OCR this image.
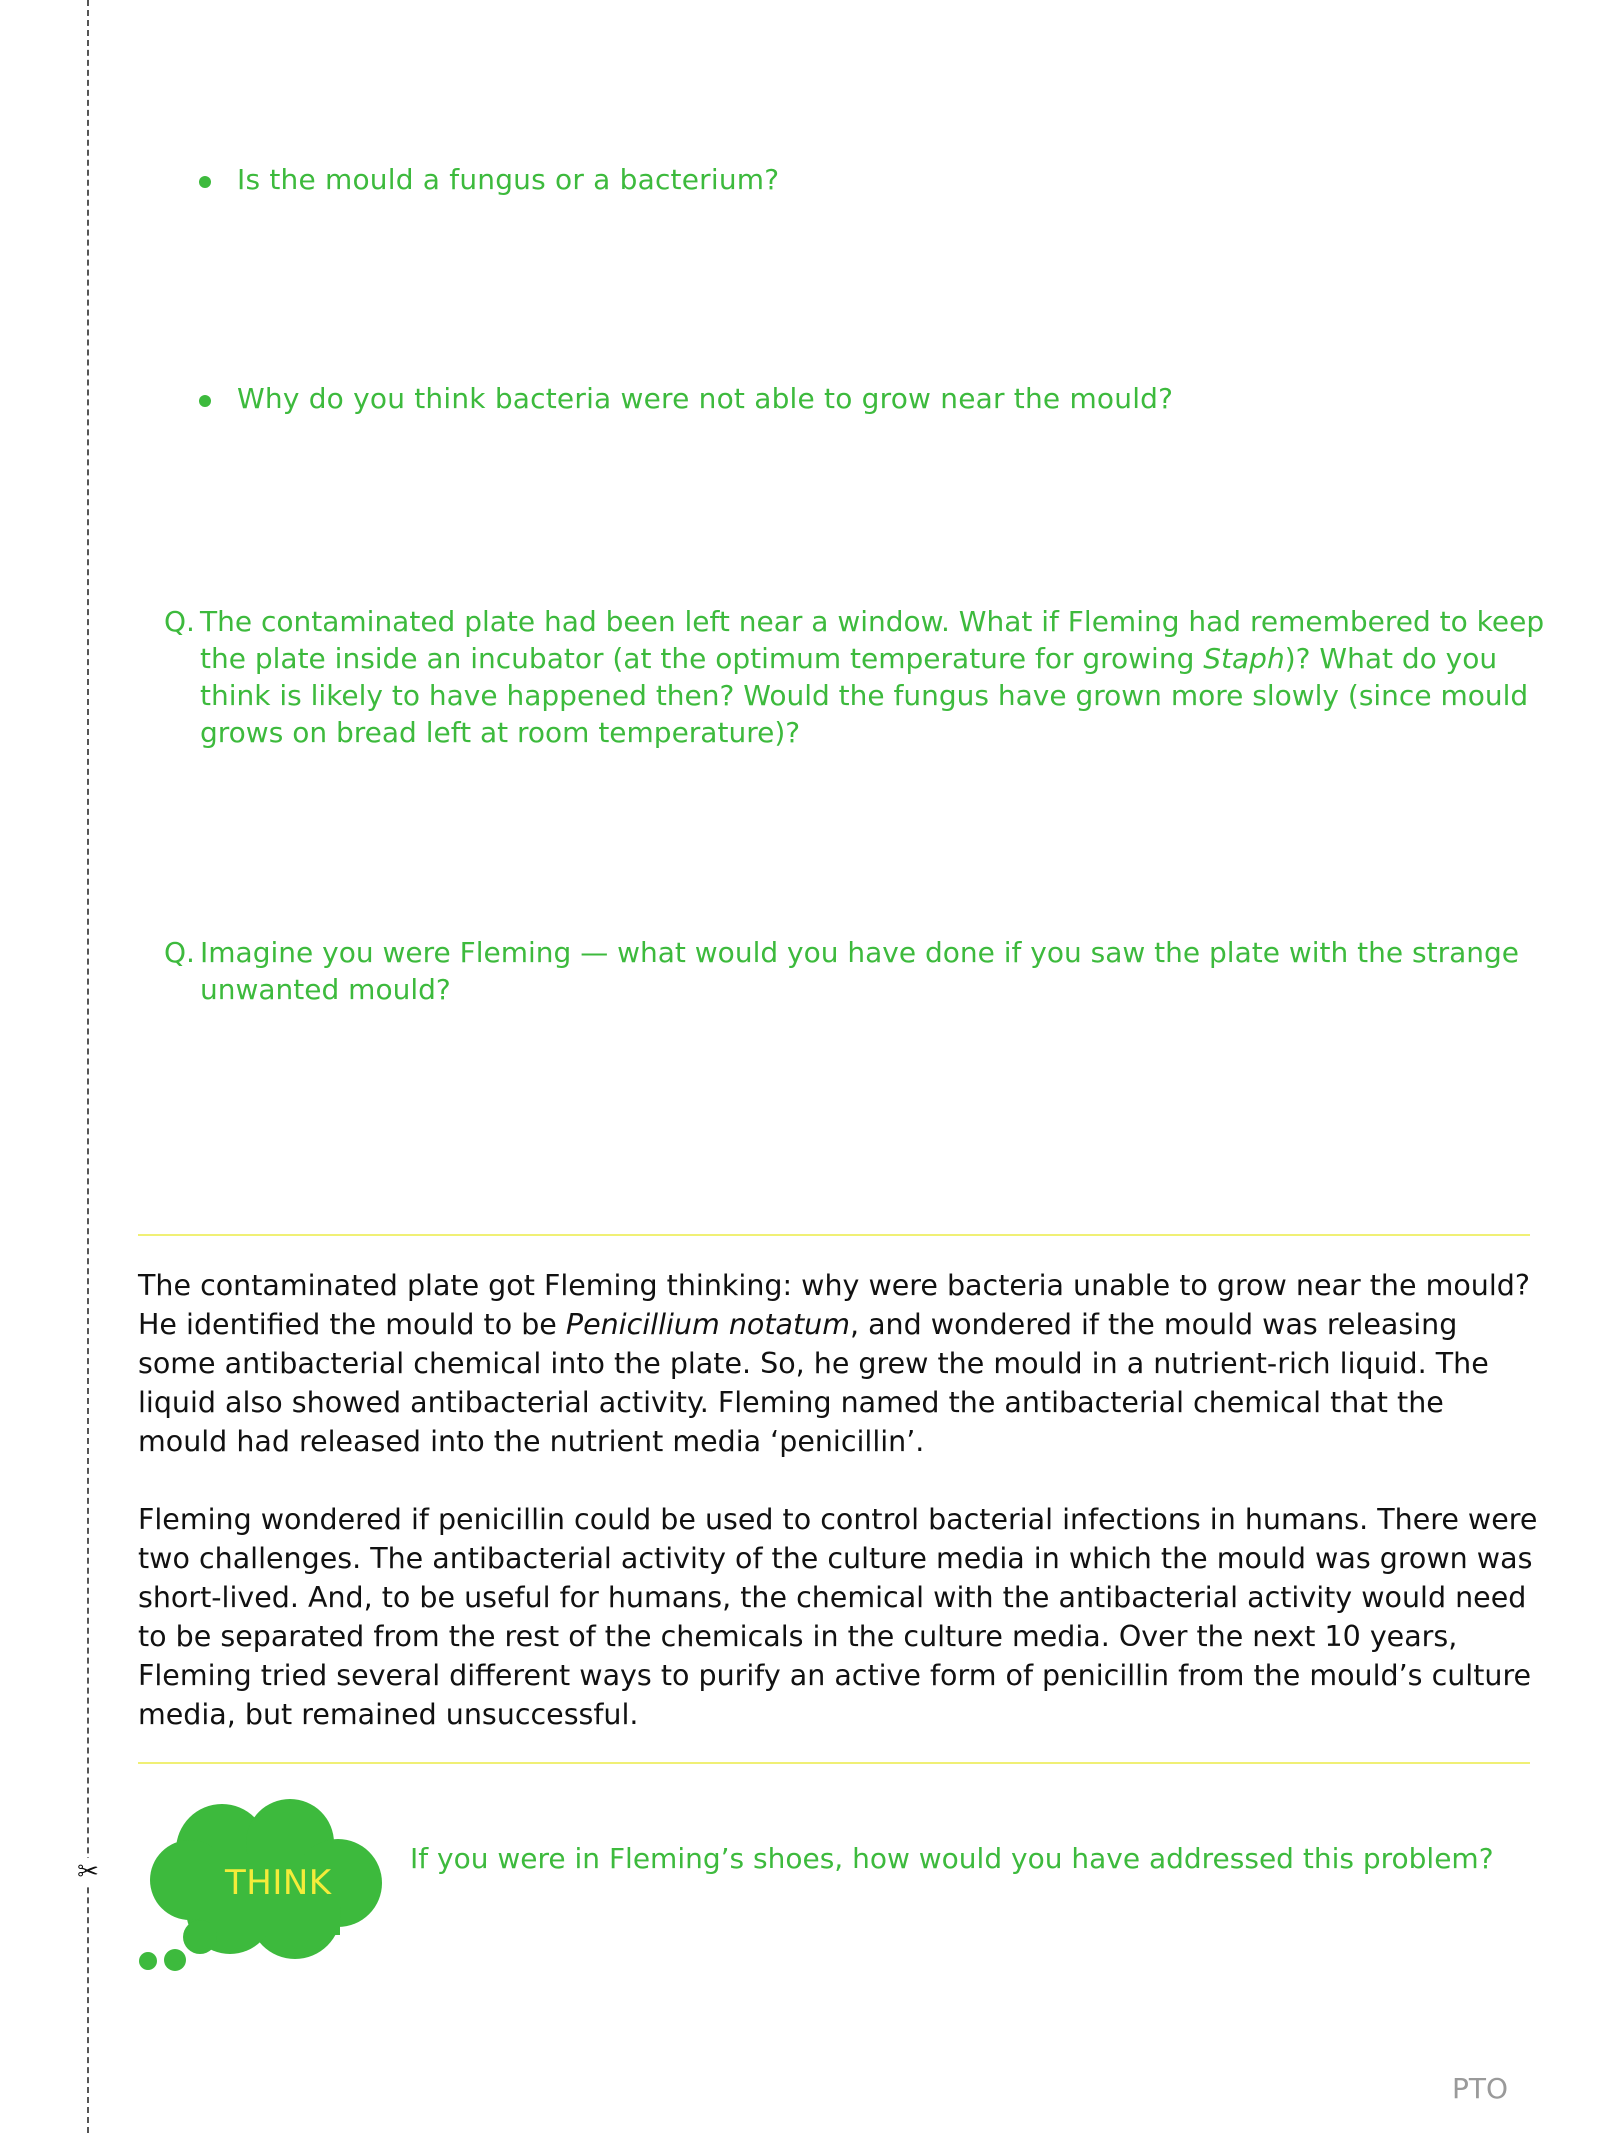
✂
Is the mould a fungus or a bacterium?
Why do you think bacteria were not able to grow near the mould?
Q. The contaminated plate had been left near a window. What if Fleming had remembered to keep the plate inside an incubator (at the optimum temperature for growing Staph)? What do you think is likely to have happened then? Would the fungus have grown more slowly (since mould grows on bread left at room temperature)?
Q. Imagine you were Fleming — what would you have done if you saw the plate with the strange unwanted mould?

The contaminated plate got Fleming thinking: why were bacteria unable to grow near the mould? He identified the mould to be Penicillium notatum, and wondered if the mould was releasing some antibacterial chemical into the plate. So, he grew the mould in a nutrient-rich liquid. The liquid also showed antibacterial activity. Fleming named the antibacterial chemical that the mould had released into the nutrient media ‘penicillin’.

Fleming wondered if penicillin could be used to control bacterial infections in humans. There were two challenges. The antibacterial activity of the culture media in which the mould was grown was short-lived. And, to be useful for humans, the chemical with the antibacterial activity would need to be separated from the rest of the chemicals in the culture media. Over the next 10 years, Fleming tried several different ways to purify an active form of penicillin from the mould’s culture media, but remained unsuccessful.

THINK
If you were in Fleming’s shoes, how would you have addressed this problem?
PTO
